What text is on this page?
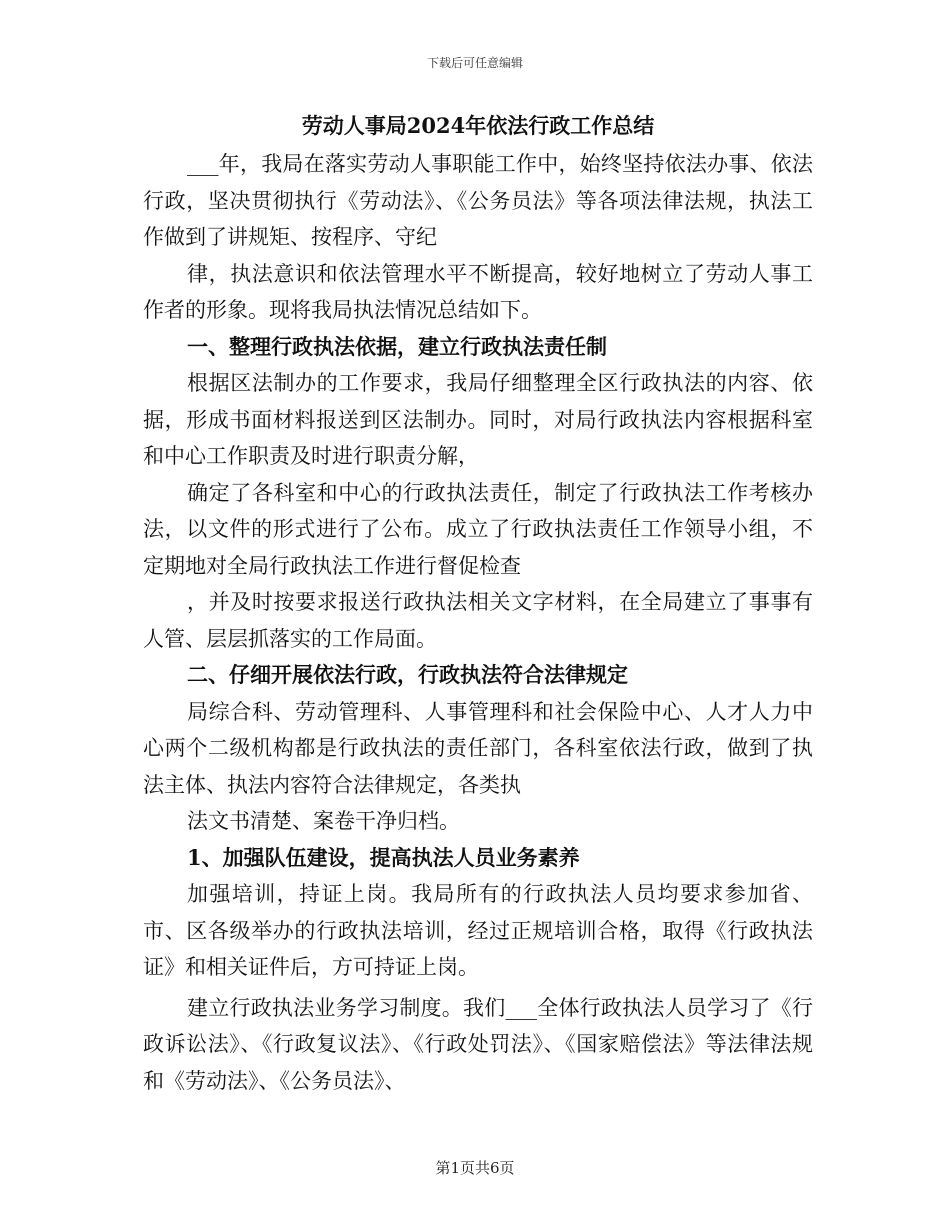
下载后可任意编辑
劳动人事局2024年依法行政工作总结

___年，我局在落实劳动人事职能工作中，始终坚持依法办事、依法行政，坚决贯彻执行《劳动法》、《公务员法》等各项法律法规，执法工作做到了讲规矩、按程序、守纪

律，执法意识和依法管理水平不断提高，较好地树立了劳动人事工作者的形象。现将我局执法情况总结如下。

一、整理行政执法依据，建立行政执法责任制

根据区法制办的工作要求，我局仔细整理全区行政执法的内容、依据，形成书面材料报送到区法制办。同时，对局行政执法内容根据科室和中心工作职责及时进行职责分解，

确定了各科室和中心的行政执法责任，制定了行政执法工作考核办法，以文件的形式进行了公布。成立了行政执法责任工作领导小组，不定期地对全局行政执法工作进行督促检查

，并及时按要求报送行政执法相关文字材料，在全局建立了事事有人管、层层抓落实的工作局面。

二、仔细开展依法行政，行政执法符合法律规定

局综合科、劳动管理科、人事管理科和社会保险中心、人才人力中心两个二级机构都是行政执法的责任部门，各科室依法行政，做到了执法主体、执法内容符合法律规定，各类执

法文书清楚、案卷干净归档。

1、加强队伍建设，提高执法人员业务素养

加强培训，持证上岗。我局所有的行政执法人员均要求参加省、市、区各级举办的行政执法培训，经过正规培训合格，取得《行政执法证》和相关证件后，方可持证上岗。

建立行政执法业务学习制度。我们___全体行政执法人员学习了《行政诉讼法》、《行政复议法》、《行政处罚法》、《国家赔偿法》等法律法规和《劳动法》、《公务员法》、

第1页共6页
